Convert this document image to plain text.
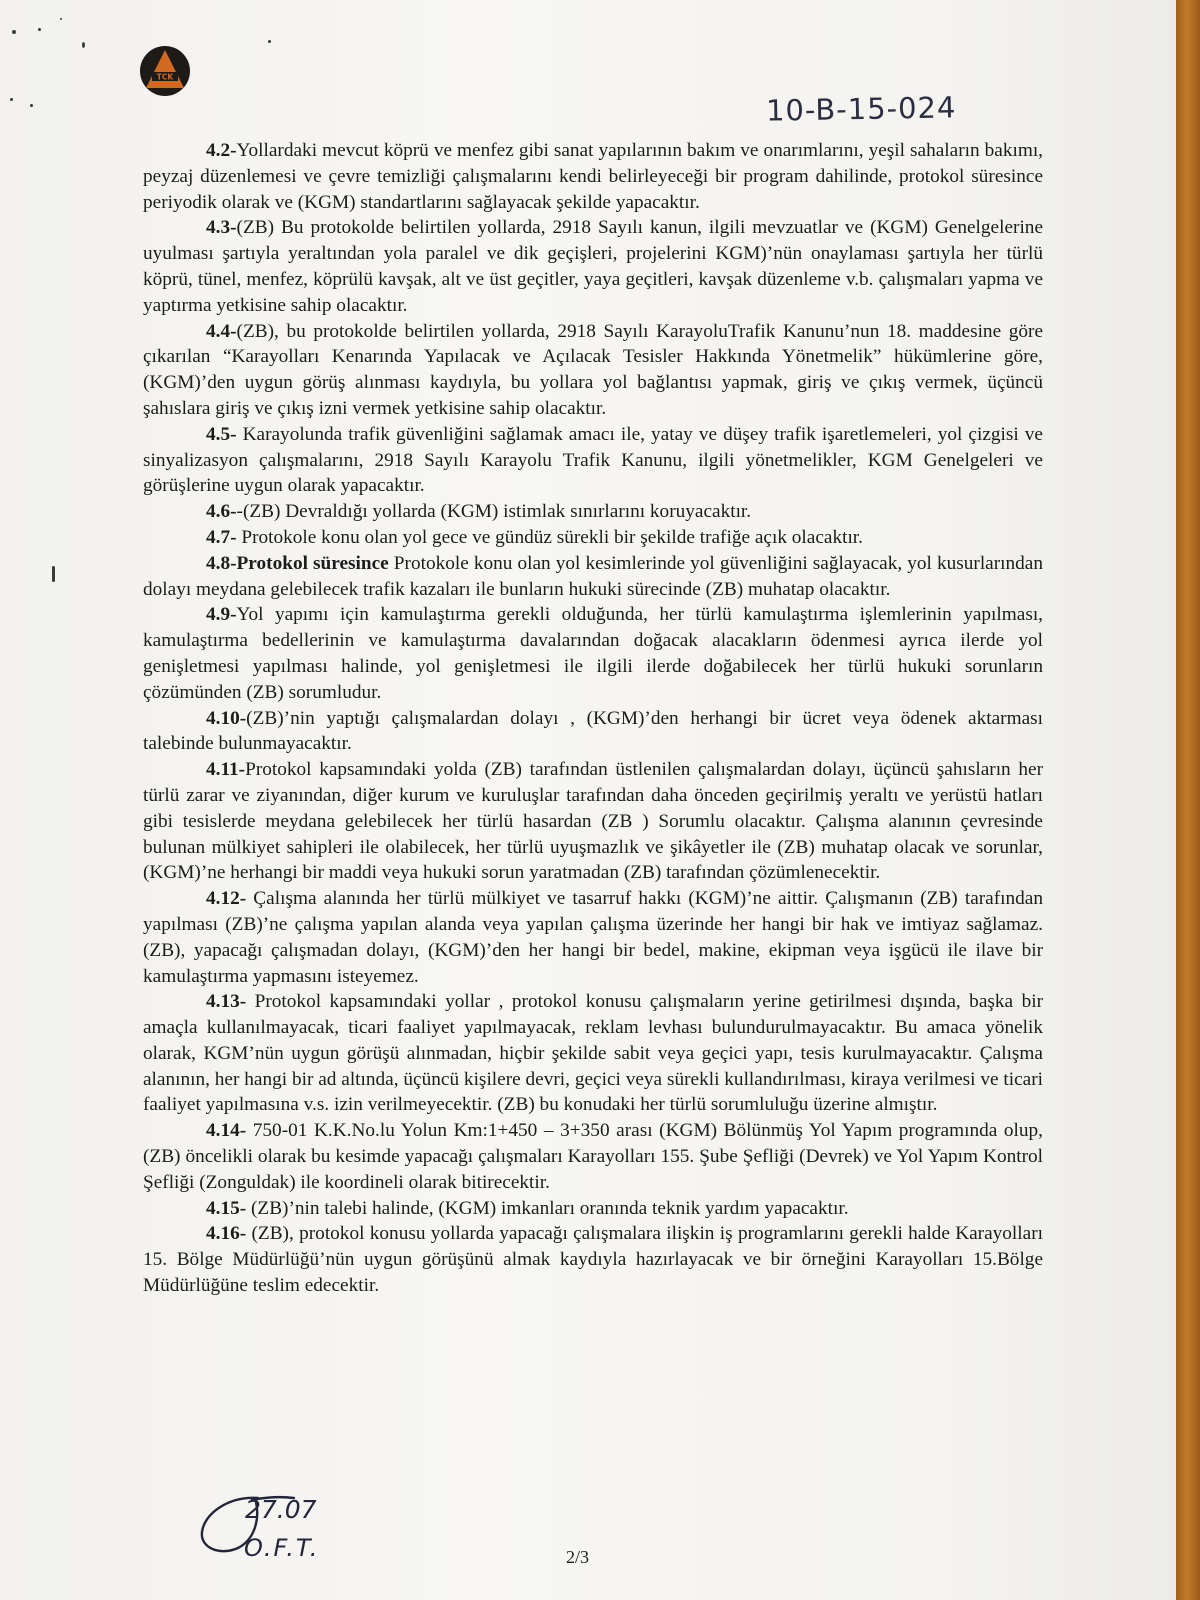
TCK
10-B-15-024

4.2-Yollardaki mevcut köprü ve menfez gibi sanat yapılarının bakım ve onarımlarını, yeşil sahaların bakımı, peyzaj düzenlemesi ve çevre temizliği çalışmalarını kendi belirleyeceği bir program dahilinde, protokol süresince periyodik olarak ve (KGM) standartlarını sağlayacak şekilde yapacaktır.

4.3-(ZB) Bu protokolde belirtilen yollarda, 2918 Sayılı kanun, ilgili mevzuatlar ve (KGM) Genelgelerine uyulması şartıyla yeraltından yola paralel ve dik geçişleri, projelerini KGM)’nün onaylaması şartıyla her türlü köprü, tünel, menfez, köprülü kavşak, alt ve üst geçitler, yaya geçitleri, kavşak düzenleme v.b. çalışmaları yapma ve yaptırma yetkisine sahip olacaktır.

4.4-(ZB), bu protokolde belirtilen yollarda, 2918 Sayılı KarayoluTrafik Kanunu’nun 18. maddesine göre çıkarılan “Karayolları Kenarında Yapılacak ve Açılacak Tesisler Hakkında Yönetmelik” hükümlerine göre, (KGM)’den uygun görüş alınması kaydıyla, bu yollara yol bağlantısı yapmak, giriş ve çıkış vermek, üçüncü şahıslara giriş ve çıkış izni vermek yetkisine sahip olacaktır.

4.5- Karayolunda trafik güvenliğini sağlamak amacı ile, yatay ve düşey trafik işaretlemeleri, yol çizgisi ve sinyalizasyon çalışmalarını, 2918 Sayılı Karayolu Trafik Kanunu, ilgili yönetmelikler, KGM Genelgeleri ve görüşlerine uygun olarak yapacaktır.

4.6--(ZB) Devraldığı yollarda (KGM) istimlak sınırlarını koruyacaktır.

4.7- Protokole konu olan yol gece ve gündüz sürekli bir şekilde trafiğe açık olacaktır.

4.8-Protokol süresince Protokole konu olan yol kesimlerinde yol güvenliğini sağlayacak, yol kusurlarından dolayı meydana gelebilecek trafik kazaları ile bunların hukuki sürecinde (ZB) muhatap olacaktır.

4.9-Yol yapımı için kamulaştırma gerekli olduğunda, her türlü kamulaştırma işlemlerinin yapılması, kamulaştırma bedellerinin ve kamulaştırma davalarından doğacak alacakların ödenmesi ayrıca ilerde yol genişletmesi yapılması halinde, yol genişletmesi ile ilgili ilerde doğabilecek her türlü hukuki sorunların çözümünden (ZB) sorumludur.

4.10-(ZB)’nin yaptığı çalışmalardan dolayı , (KGM)’den herhangi bir ücret veya ödenek aktarması talebinde bulunmayacaktır.

4.11-Protokol kapsamındaki yolda (ZB) tarafından üstlenilen çalışmalardan dolayı, üçüncü şahısların her türlü zarar ve ziyanından, diğer kurum ve kuruluşlar tarafından daha önceden geçirilmiş yeraltı ve yerüstü hatları gibi tesislerde meydana gelebilecek her türlü hasardan (ZB ) Sorumlu olacaktır. Çalışma alanının çevresinde bulunan mülkiyet sahipleri ile olabilecek, her türlü uyuşmazlık ve şikâyetler ile (ZB) muhatap olacak ve sorunlar, (KGM)’ne herhangi bir maddi veya hukuki sorun yaratmadan (ZB) tarafından çözümlenecektir.

4.12- Çalışma alanında her türlü mülkiyet ve tasarruf hakkı (KGM)’ne aittir. Çalışmanın (ZB) tarafından yapılması (ZB)’ne çalışma yapılan alanda veya yapılan çalışma üzerinde her hangi bir hak ve imtiyaz sağlamaz. (ZB), yapacağı çalışmadan dolayı, (KGM)’den her hangi bir bedel, makine, ekipman veya işgücü ile ilave bir kamulaştırma yapmasını isteyemez.

4.13- Protokol kapsamındaki yollar , protokol konusu çalışmaların yerine getirilmesi dışında, başka bir amaçla kullanılmayacak, ticari faaliyet yapılmayacak, reklam levhası bulundurulmayacaktır. Bu amaca yönelik olarak, KGM’nün uygun görüşü alınmadan, hiçbir şekilde sabit veya geçici yapı, tesis kurulmayacaktır. Çalışma alanının, her hangi bir ad altında, üçüncü kişilere devri, geçici veya sürekli kullandırılması, kiraya verilmesi ve ticari faaliyet yapılmasına v.s. izin verilmeyecektir. (ZB) bu konudaki her türlü sorumluluğu üzerine almıştır.

4.14- 750-01 K.K.No.lu Yolun Km:1+450 – 3+350 arası (KGM) Bölünmüş Yol Yapım programında olup, (ZB) öncelikli olarak bu kesimde yapacağı çalışmaları Karayolları 155. Şube Şefliği (Devrek) ve Yol Yapım Kontrol Şefliği (Zonguldak) ile koordineli olarak bitirecektir.

4.15- (ZB)’nin talebi halinde, (KGM) imkanları oranında teknik yardım yapacaktır.

4.16- (ZB), protokol konusu yollarda yapacağı çalışmalara ilişkin iş programlarını gerekli halde Karayolları 15. Bölge Müdürlüğü’nün uygun görüşünü almak kaydıyla hazırlayacak ve bir örneğini Karayolları 15.Bölge Müdürlüğüne teslim edecektir.

27.07
O.F.T.	2/3
